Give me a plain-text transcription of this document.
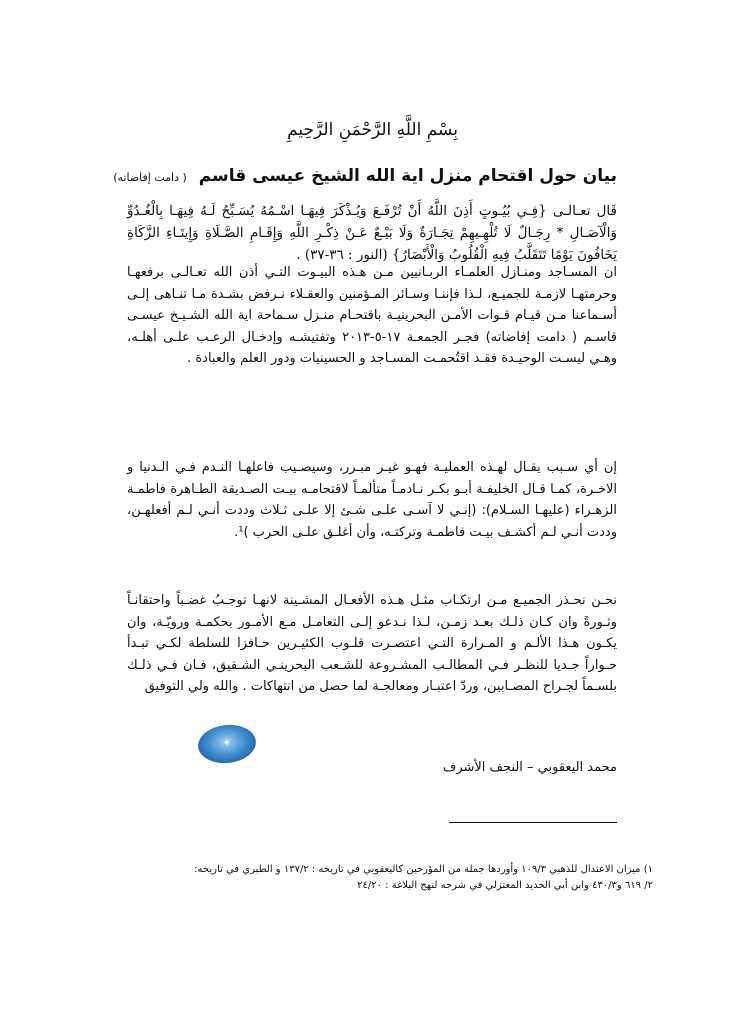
بِسْمِ اللَّهِ الرَّحْمَنِ الرَّحِيمِ
بيان حول اقتحام منزل اية الله الشيخ عيسى قاسم ( دامت إفاضاته)
قَال تعـالـى {فِـي بُيُـوتٍ أَذِنَ اللَّهُ أَنْ تُرْفَـعَ وَيُـذْكَرَ فِيهَـا اسْـمُهُ يُسَـبِّحُ لَـهُ فِيهَـا بِالْغُـدُوِّ وَالْآصَـالِ * رِجَـالٌ لَا تُلْهِـيهِمْ تِجَـارَةٌ وَلَا بَيْـعٌ عَـنْ ذِكْـرِ اللَّهِ وَإِقَـامِ الصَّـلَاةِ وَإِيتَـاءِ الزَّكَاةِ يَخَافُونَ يَوْمًا تَتَقَلَّبُ فِيهِ الْقُلُوبُ وَالْأَبْصَارُ} (النور : ٣٦-٣٧) .
ان المسـاجد ومنـازل العلمـاء الربـانيين مـن هـذه البيـوت التـي أذن الله تعـالـى برفعهـا وحرمتهـا لازمـة للجميـع، لـذا فإننـا وسـائر المـؤمنين والعقـلاء نـرفض بشـدة مـا تنـاهى إلـى أسـماعنا مـن قيـام قـوات الأمـن البحرينيـة باقتحـام منـزل سـماحة اية الله الشـيـخ عيسـى قاسـم ( دامت إفاضاته) فجـر الجمعـة ١٧-٥-٢٠١٣ وتفتيشـه وإدخـال الرعـب علـى أهلـه، وهـي ليسـت الوحيـدة فقـد اقتُحمـت المسـاجد و الحسينيات ودور العلم والعبادة .
إن أي سـبب يقـال لهـذه العمليـة فهـو غيـر مبـرر، وسيصـيب فاعلهـا النـدم فـي الـدنيا و الاخـرة، كمـا قـال الخليفـة أبـو بكـر نـادمـاً متألمـاً لاقتحامـه بيـت الصـديقة الطـاهرة فاطمـة الزهـراء (عليهـا السـلام): (إنـي لا آسـى علـى شـئ إلا علـى ثـلاث وددت أنـي لـم أفعلهـن، وددت أنـي لـم أكشـف بيـت فاطمـة وتركتـه، وأن أغلـق علـى الحرب )¹.
نحـن نحـذر الجميـع مـن ارتكـاب مثـل هـذه الأفعـال المشـينة لانهـا توجـبُ غضـباً واحتقانـاً وثـورةً وان كـان ذلـك بعـد زمـن، لـذا نـدعو إلـى التعامـل مـع الأمـور بحكمـة ورويّـة، وان يكـون هـذا الألـم و المـرارة التـي اعتصـرت قلـوب الكثيـرين حـافزا للسلطة لكـي تبـدأ حـواراً جـديا للنظـر فـي المطالـب المشـروعة للشـعب البحرينـي الشـقيق، فـان فـي ذلـك بلسـماً لجـراح المصـابين، وردّ اعتبـار ومعالجـة لما حصل من انتهاكات . والله ولي التوفيق
✦
محمد اليعقوبي – النجف الأشرف
١) ميزان الاعتدال للذهبي ١٠٩/٣ وأوردها جملة من المؤرخين كاليعقوبي في تاريخه : ١٣٧/٢ و الطبري في تاريخه:
٢/ ٦١٩ و٤٣٠/٣ وابن أبي الحديد المعتزلي في شرحه لنهج البلاغة : ٢٤/٢٠
